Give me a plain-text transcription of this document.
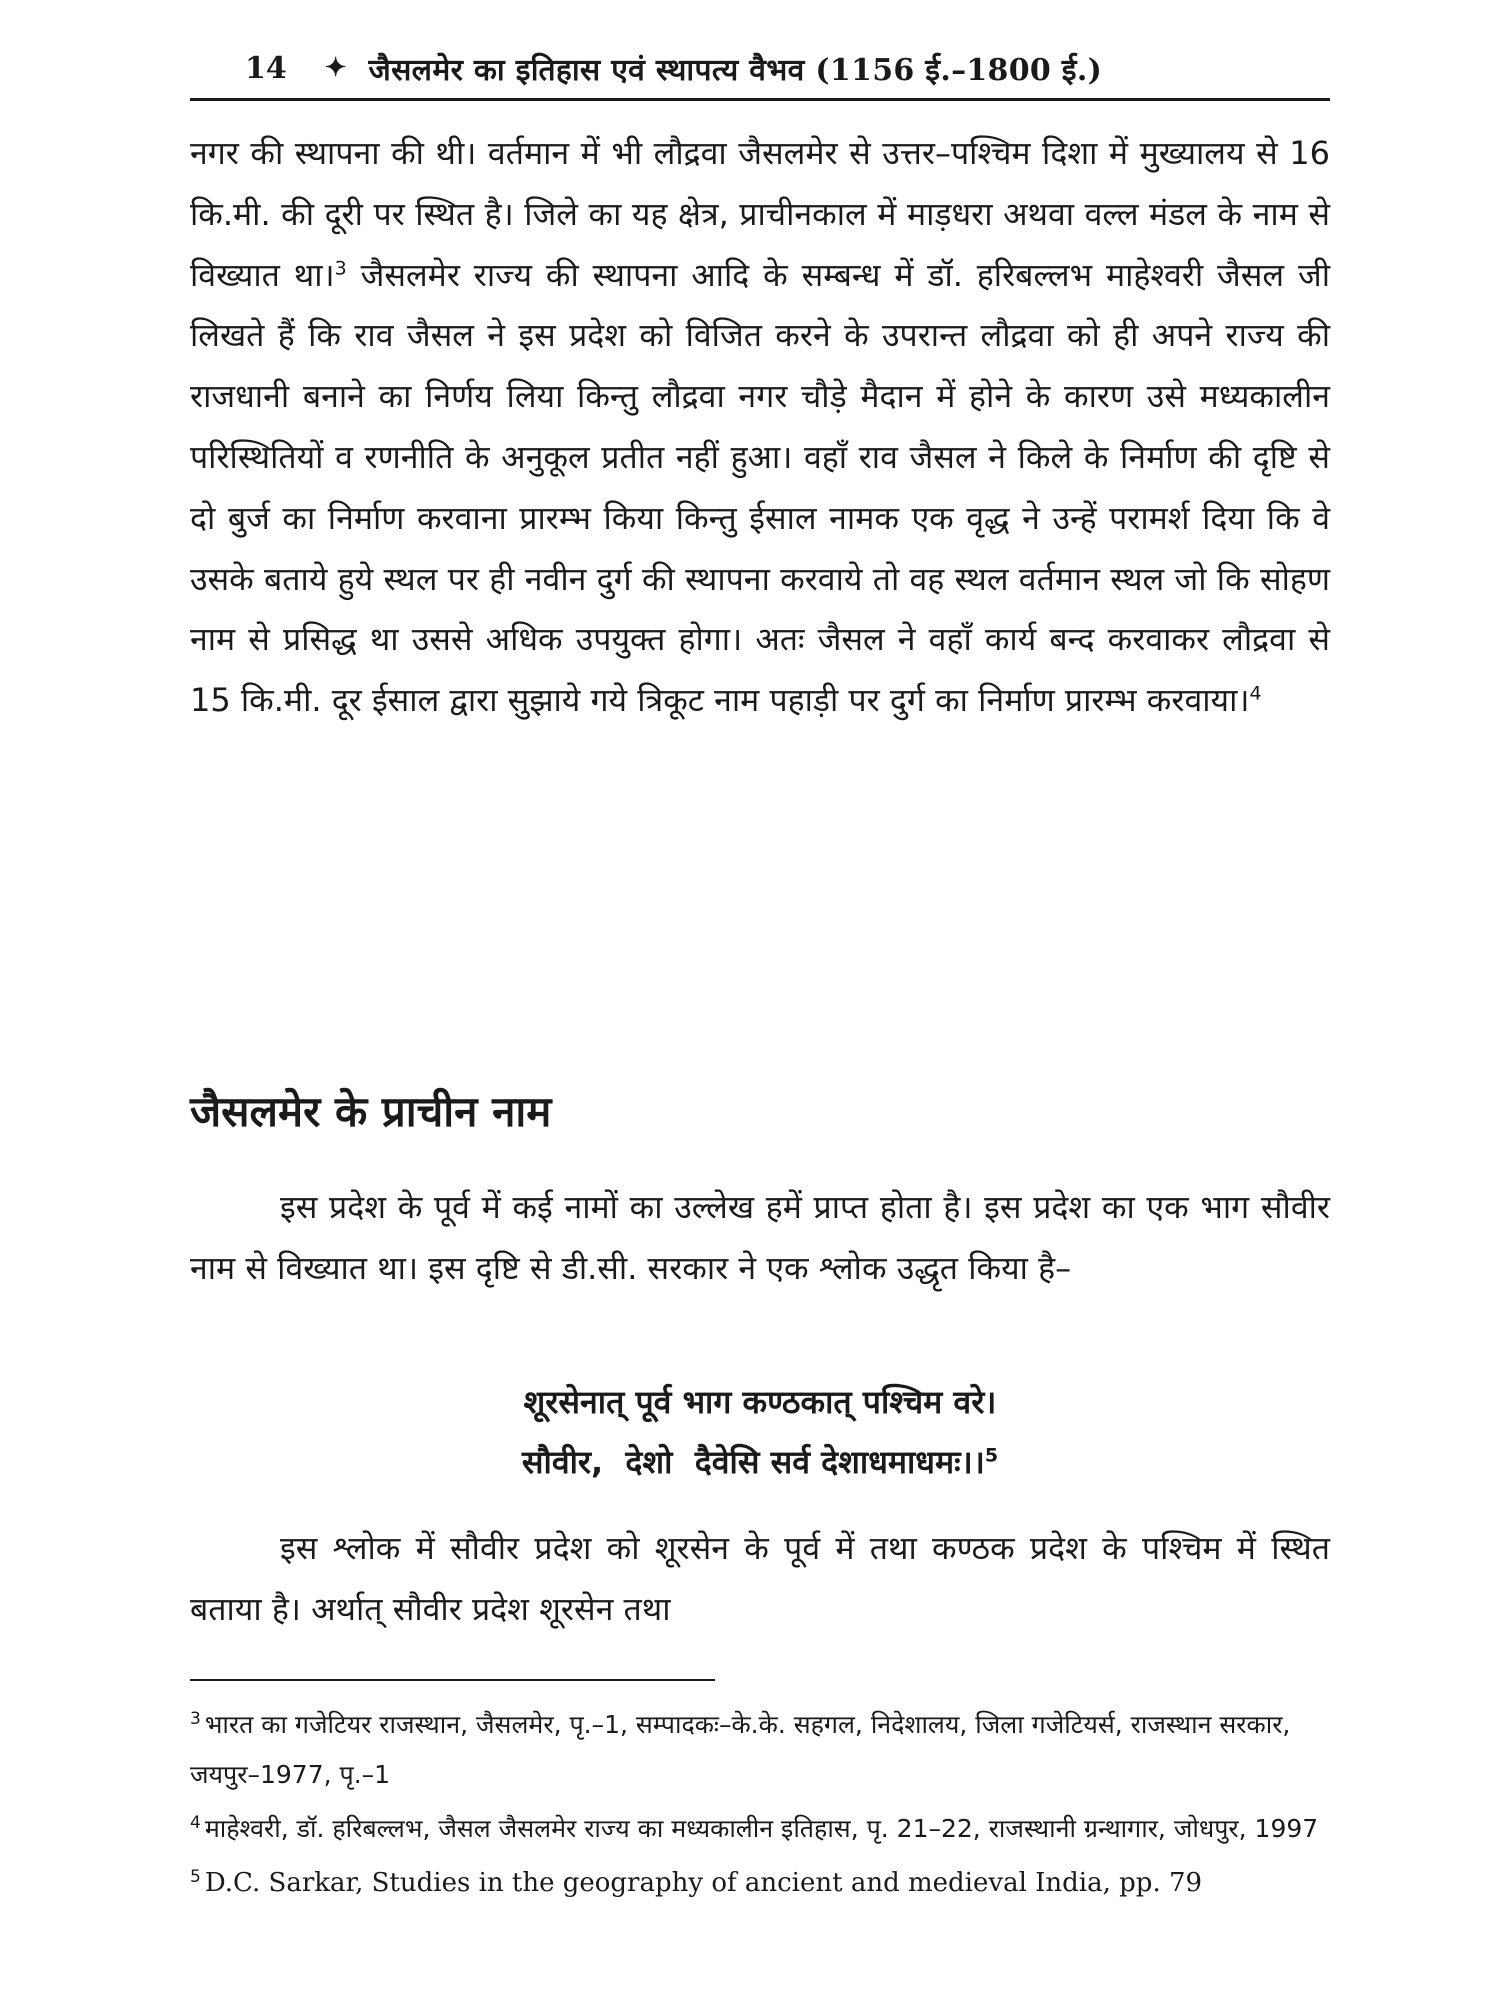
14 ✦ जैसलमेर का इतिहास एवं स्थापत्य वैभव (1156 ई.–1800 ई.)
नगर की स्थापना की थी। वर्तमान में भी लौद्रवा जैसलमेर से उत्तर–पश्चिम दिशा में मुख्यालय से 16 कि.मी. की दूरी पर स्थित है। जिले का यह क्षेत्र, प्राचीनकाल में माड़धरा अथवा वल्ल मंडल के नाम से विख्यात था।$^3$ जैसलमेर राज्य की स्थापना आदि के सम्बन्ध में डॉ. हरिबल्लभ माहेश्वरी जैसल जी लिखते हैं कि राव जैसल ने इस प्रदेश को विजित करने के उपरान्त लौद्रवा को ही अपने राज्य की राजधानी बनाने का निर्णय लिया किन्तु लौद्रवा नगर चौड़े मैदान में होने के कारण उसे मध्यकालीन परिस्थितियों व रणनीति के अनुकूल प्रतीत नहीं हुआ। वहाँ राव जैसल ने किले के निर्माण की दृष्टि से दो बुर्ज का निर्माण करवाना प्रारम्भ किया किन्तु ईसाल नामक एक वृद्ध ने उन्हें परामर्श दिया कि वे उसके बताये हुये स्थल पर ही नवीन दुर्ग की स्थापना करवाये तो वह स्थल वर्तमान स्थल जो कि सोहण नाम से प्रसिद्ध था उससे अधिक उपयुक्त होगा। अतः जैसल ने वहाँ कार्य बन्द करवाकर लौद्रवा से 15 कि.मी. दूर ईसाल द्वारा सुझाये गये त्रिकूट नाम पहाड़ी पर दुर्ग का निर्माण प्रारम्भ करवाया।$^4$
जैसलमेर के प्राचीन नाम
इस प्रदेश के पूर्व में कई नामों का उल्लेख हमें प्राप्त होता है। इस प्रदेश का एक भाग सौवीर नाम से विख्यात था। इस दृष्टि से डी.सी. सरकार ने एक श्लोक उद्धृत किया है–
शूरसेनात् पूर्व भाग कण्ठकात् पश्चिम वरे।
सौवीर,  देशो  दैवेसि सर्व देशाधमाधमः।।$^5$
इस श्लोक में सौवीर प्रदेश को शूरसेन के पूर्व में तथा कण्ठक प्रदेश के पश्चिम में स्थित बताया है। अर्थात् सौवीर प्रदेश शूरसेन तथा

$^3$ भारत का गजेटियर राजस्थान, जैसलमेर, पृ.–1, सम्पादकः–के.के. सहगल, निदेशालय, जिला गजेटियर्स, राजस्थान सरकार, जयपुर–1977, पृ.–1

$^4$ माहेश्वरी, डॉ. हरिबल्लभ, जैसल जैसलमेर राज्य का मध्यकालीन इतिहास, पृ. 21–22, राजस्थानी ग्रन्थागार, जोधपुर, 1997

$^5$ D.C. Sarkar, Studies in the geography of ancient and medieval India, pp. 79
